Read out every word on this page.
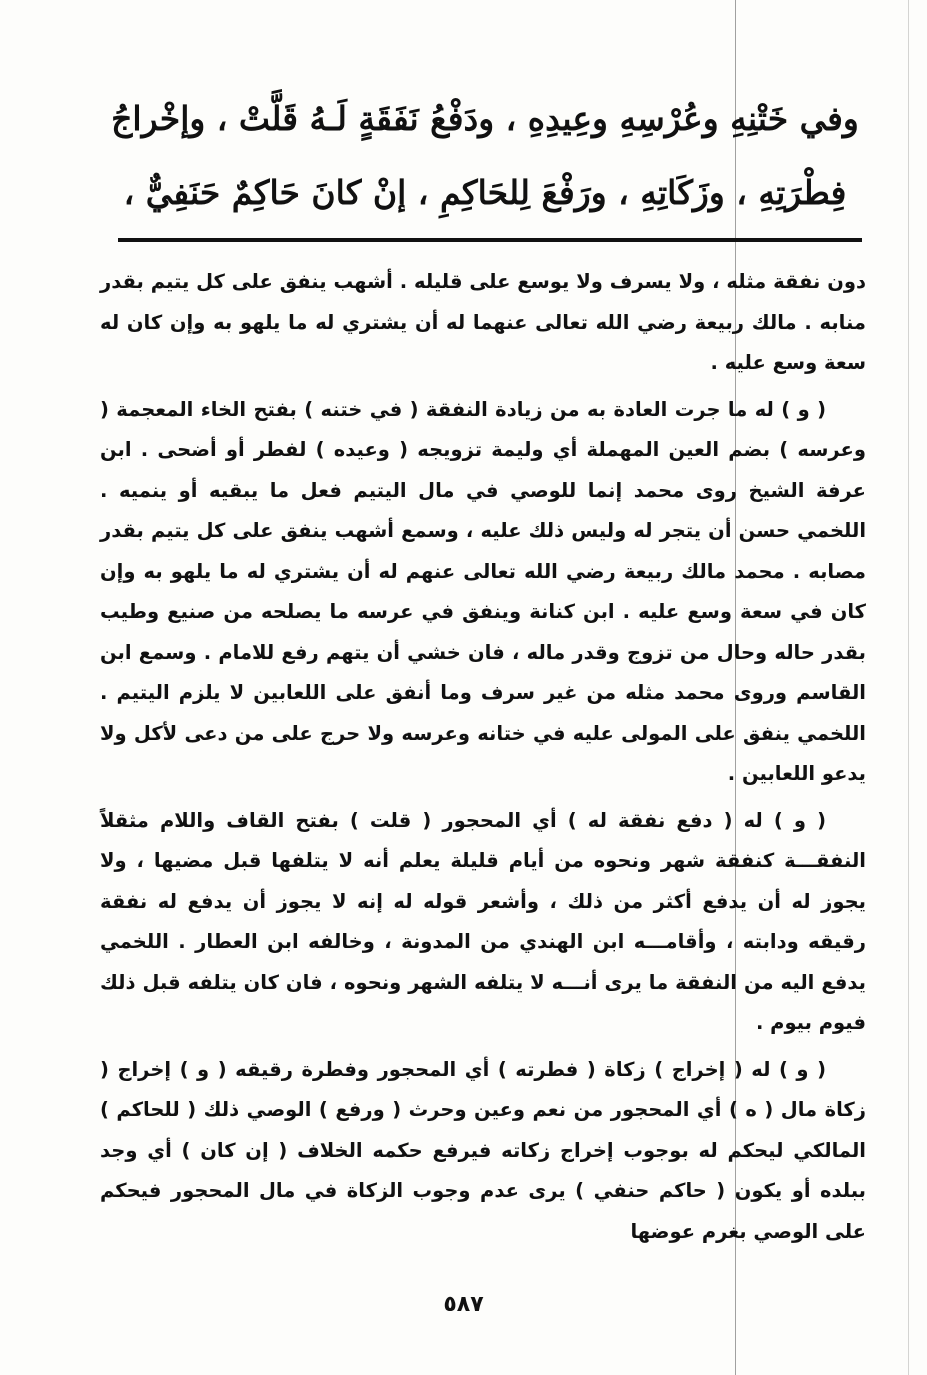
وفي خَتْنِهِ وعُرْسِهِ وعِيدِهِ ، ودَفْعُ نَفَقَةٍ لَـهُ قَلَّتْ ، وإخْراجُ
فِطْرَتِهِ ، وزَكَاتِهِ ، ورَفْعَ لِلحَاكِمِ ، إنْ كانَ حَاكِمٌ حَنَفِيٌّ ،

دون نفقة مثله ، ولا يسرف ولا يوسع على قليله . أشهب ينفق على كل يتيم بقدر منابه . مالك ربيعة رضي الله تعالى عنهما له أن يشتري له ما يلهو به وإن كان له سعة وسع عليه .

( و ) له ما جرت العادة به من زيادة النفقة ( في ختنه ) بفتح الخاء المعجمة ( وعرسه ) بضم العين المهملة أي وليمة تزويجه ( وعيده ) لفطر أو أضحى . ابن عرفة الشيخ روى محمد إنما للوصي في مال اليتيم فعل ما يبقيه أو ينميه . اللخمي حسن أن يتجر له وليس ذلك عليه ، وسمع أشهب ينفق على كل يتيم بقدر مصابه . محمد مالك ربيعة رضي الله تعالى عنهم له أن يشتري له ما يلهو به وإن كان في سعة وسع عليه . ابن كنانة وينفق في عرسه ما يصلحه من صنيع وطيب بقدر حاله وحال من تزوج وقدر ماله ، فان خشي أن يتهم رفع للامام . وسمع ابن القاسم وروى محمد مثله من غير سرف وما أنفق على اللعابين لا يلزم اليتيم . اللخمي ينفق على المولى عليه في ختانه وعرسه ولا حرج على من دعى لأكل ولا يدعو اللعابين .

( و ) له ( دفع نفقة له ) أي المحجور ( قلت ) بفتح القاف واللام مثقلاً النفقـــة كنفقة شهر ونحوه من أيام قليلة يعلم أنه لا يتلفها قبل مضيها ، ولا يجوز له أن يدفع أكثر من ذلك ، وأشعر قوله له إنه لا يجوز أن يدفع له نفقة رقيقه ودابته ، وأقامـــه ابن الهندي من المدونة ، وخالفه ابن العطار . اللخمي يدفع اليه من النفقة ما يرى أنـــه لا يتلفه الشهر ونحوه ، فان كان يتلفه قبل ذلك فيوم بيوم .

( و ) له ( إخراج ) زكاة ( فطرته ) أي المحجور وفطرة رقيقه ( و ) إخراج ( زكاة مال ( ه ) أي المحجور من نعم وعين وحرث ( ورفع ) الوصي ذلك ( للحاكم ) المالكي ليحكم له بوجوب إخراج زكاته فيرفع حكمه الخلاف ( إن كان ) أي وجد ببلده أو يكون ( حاكم حنفي ) يرى عدم وجوب الزكاة في مال المحجور فيحكم على الوصي بغرم عوضها

٥٨٧
